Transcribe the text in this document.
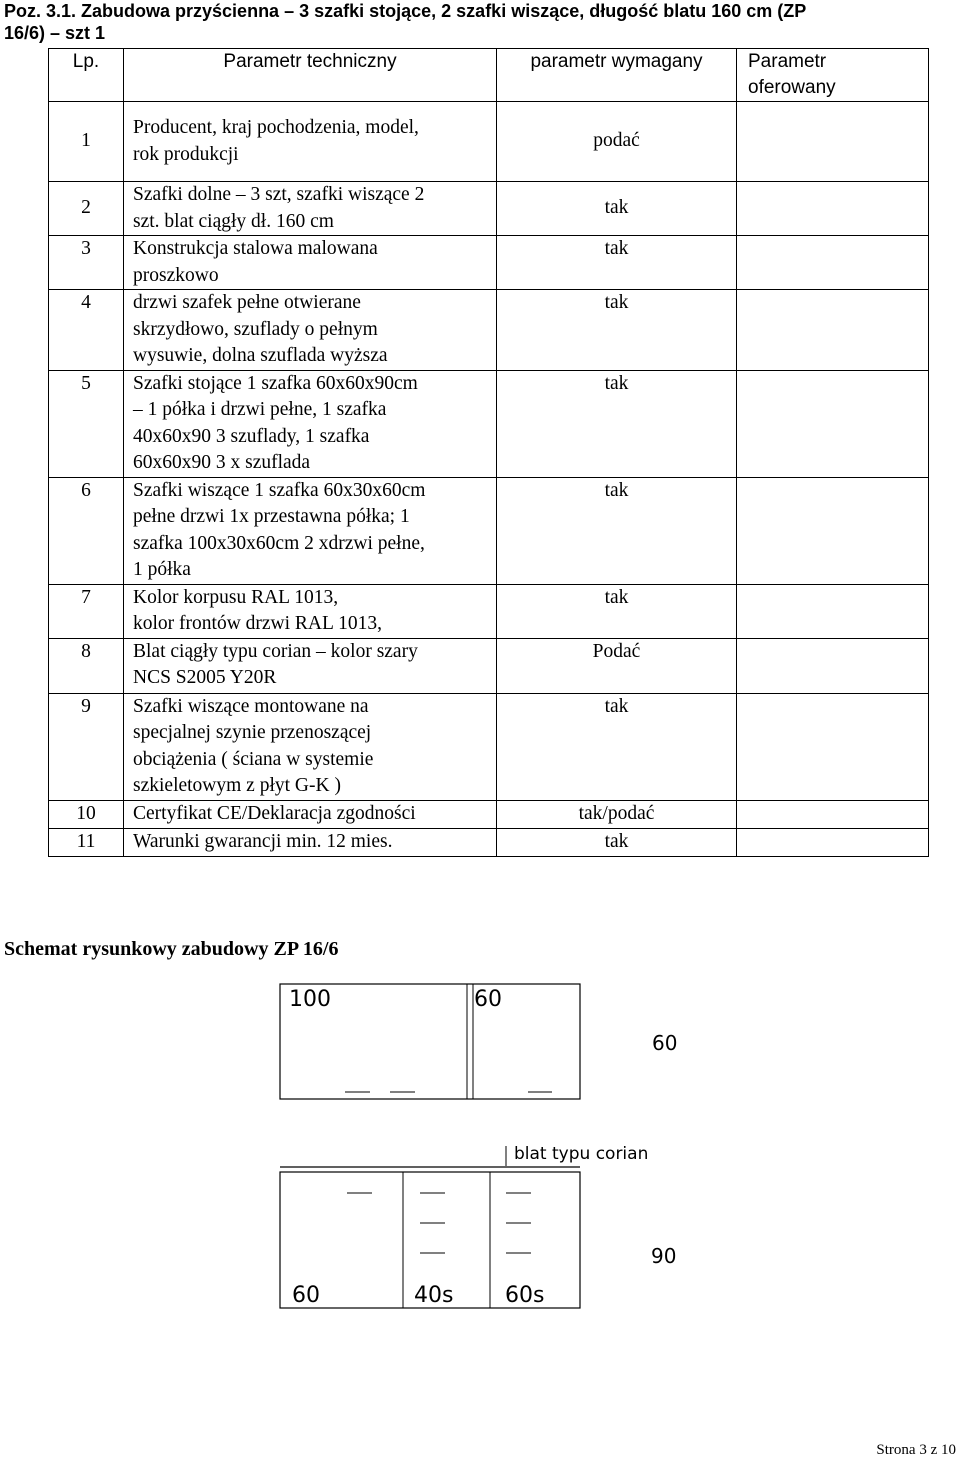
Poz. 3.1. Zabudowa przyścienna – 3 szafki stojące, 2 szafki wiszące, długość blatu 160 cm (ZP
16/6) – szt 1
Lp.	Parametr techniczny	parametr wymagany	Parametr
oferowany

1	Producent, kraj pochodzenia, model,
rok produkcji	podać	
2	Szafki dolne – 3 szt, szafki wiszące 2
szt. blat ciągły dł. 160 cm	tak	
3	Konstrukcja stalowa malowana
proszkowo	tak	
4	drzwi szafek pełne otwierane
skrzydłowo, szuflady o pełnym
wysuwie, dolna szuflada wyższa	tak	
5	Szafki stojące 1 szafka 60x60x90cm
– 1 półka i drzwi pełne, 1 szafka
40x60x90 3 szuflady, 1 szafka
60x60x90 3 x szuflada	tak	
6	Szafki wiszące 1 szafka 60x30x60cm
pełne drzwi 1x przestawna półka; 1
szafka 100x30x60cm 2 xdrzwi pełne,
1 półka	tak	
7	Kolor korpusu RAL 1013,
kolor frontów drzwi RAL 1013,	tak	
8	Blat ciągły typu corian – kolor szary
NCS S2005 Y20R	Podać	
9	Szafki wiszące montowane na
specjalnej szynie przenoszącej
obciążenia ( ściana w systemie
szkieletowym z płyt G-K )	tak	
10	Certyfikat CE/Deklaracja zgodności	tak/podać	
11	Warunki gwarancji min. 12 mies.	tak	
Schemat rysunkowy zabudowy ZP 16/6
100	60
60
blat typu corian
60	40s 60s
90
Strona 3 z 10
